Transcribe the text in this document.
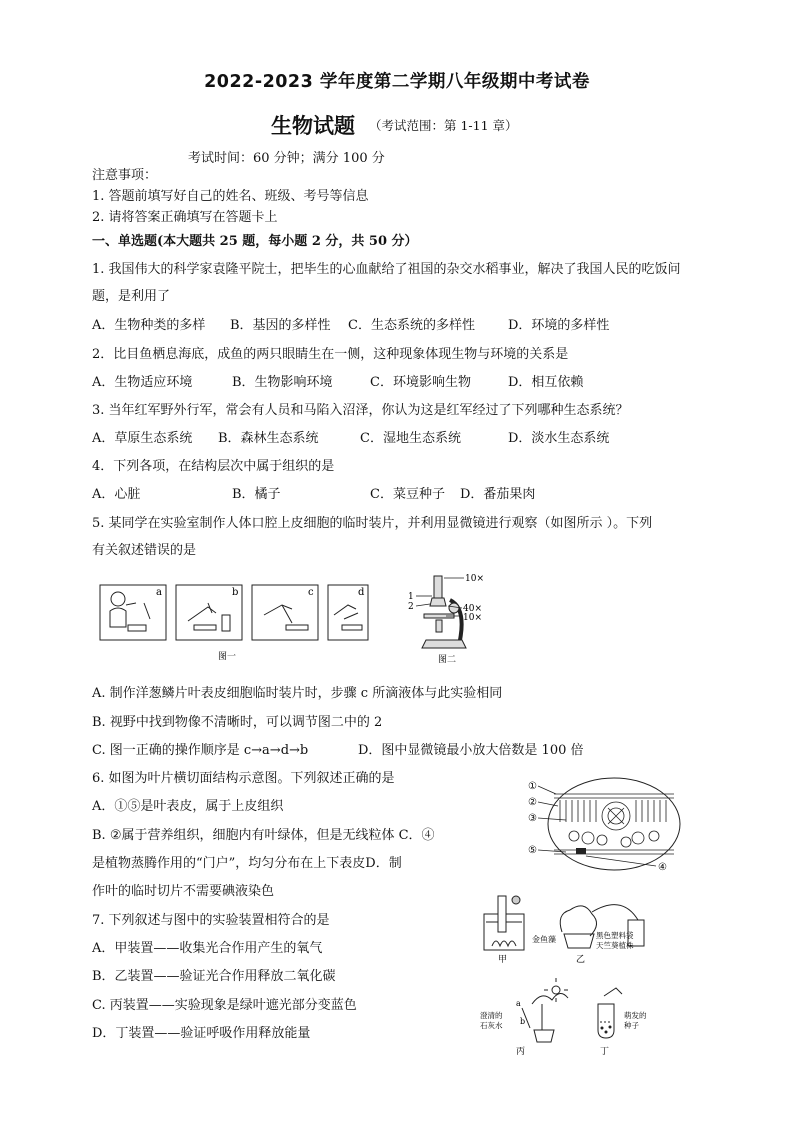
2022-2023 学年度第二学期八年级期中考试卷
生物试题 （考试范围：第 1-11 章）
考试时间：60 分钟；满分 100 分
注意事项：
1. 答题前填写好自己的姓名、班级、考号等信息
2. 请将答案正确填写在答题卡上
一、单选题(本大题共 25 题，每小题 2 分，共 50 分）
1. 我国伟大的科学家袁隆平院士，把毕生的心血献给了祖国的杂交水稻事业，解决了我国人民的吃饭问
题，是利用了
A．生物种类的多样 B．基因的多样性 C．生态系统的多样性	D．环境的多样性
2．比目鱼栖息海底，成鱼的两只眼睛生在一侧，这种现象体现生物与环境的关系是
A．生物适应环境	B．生物影响环境	C．环境影响生物	D．相互依赖
3. 当年红军野外行军，常会有人员和马陷入沼泽，你认为这是红军经过了下列哪种生态系统？
A．草原生态系统 B．森林生态系统	C．湿地生态系统	D．淡水生态系统
4．下列各项，在结构层次中属于组织的是
A．心脏	B．橘子	C．菜豆种子 D．番茄果肉
5. 某同学在实验室制作人体口腔上皮细胞的临时装片，并利用显微镜进行观察（如图所示 ）。下列
有关叙述错误的是
a	b	c	d
图一
10×
1
2	40×
10×
图二
A. 制作洋葱鳞片叶表皮细胞临时装片时，步骤 c 所滴液体与此实验相同
B. 视野中找到物像不清晰时，可以调节图二中的 2
C. 图一正确的操作顺序是 c→a→d→b	D．图中显微镜最小放大倍数是 100 倍
6. 如图为叶片横切面结构示意图。下列叙述正确的是
A．①⑤是叶表皮，属于上皮组织
B. ②属于营养组织，细胞内有叶绿体，但是无线粒体 C．④
是植物蒸腾作用的“门户”，均匀分布在上下表皮D．制
作叶的临时切片不需要碘液染色
①
②
③
⑤
④
7. 下列叙述与图中的实验装置相符合的是
A．甲装置——收集光合作用产生的氧气
B．乙装置——验证光合作用释放二氧化碳
C. 丙装置——实验现象是绿叶遮光部分变蓝色
D．丁装置——验证呼吸作用释放能量
金鱼藻
甲
黑色塑料袋
天竺葵植株
乙
a
b
澄清的
石灰水
丙
萌发的
种子
丁
